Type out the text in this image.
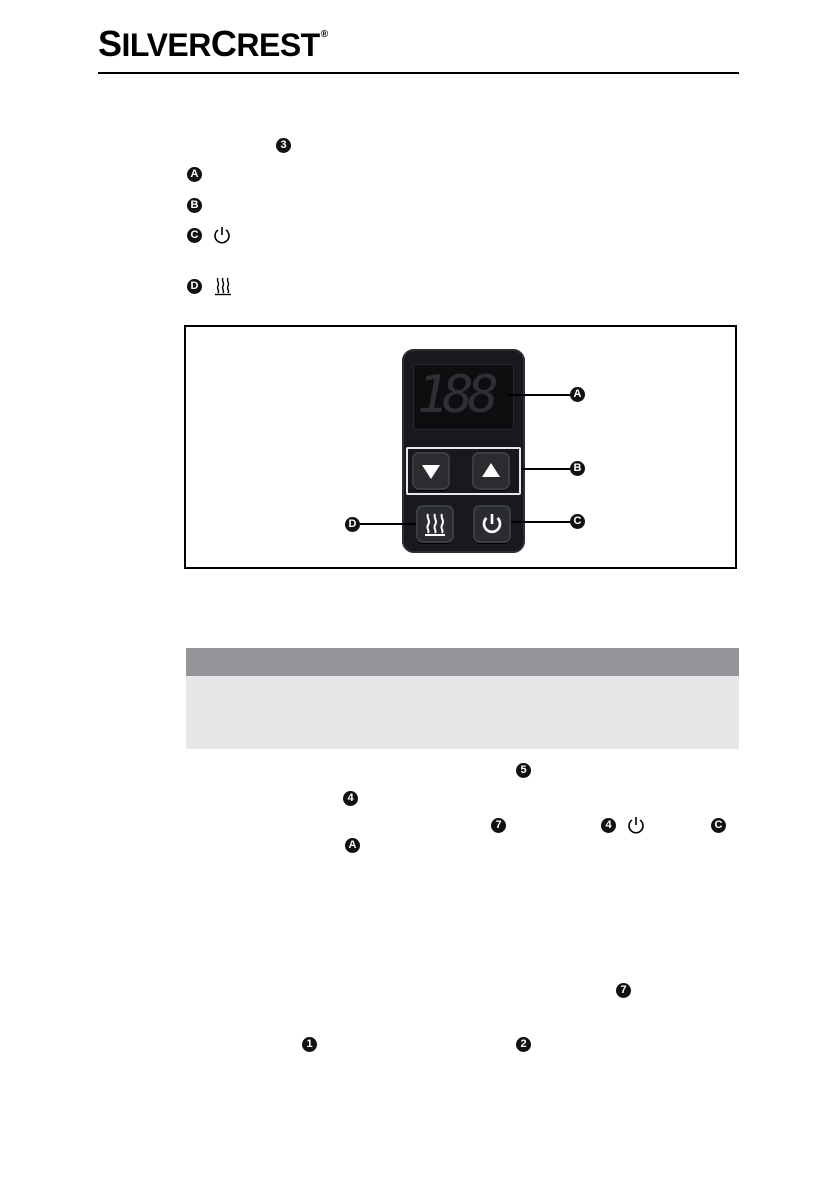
SILVERCREST®
3
A
B
C
D
188	A
B
C
D
5
4
7	4	C
A
7
1	2
